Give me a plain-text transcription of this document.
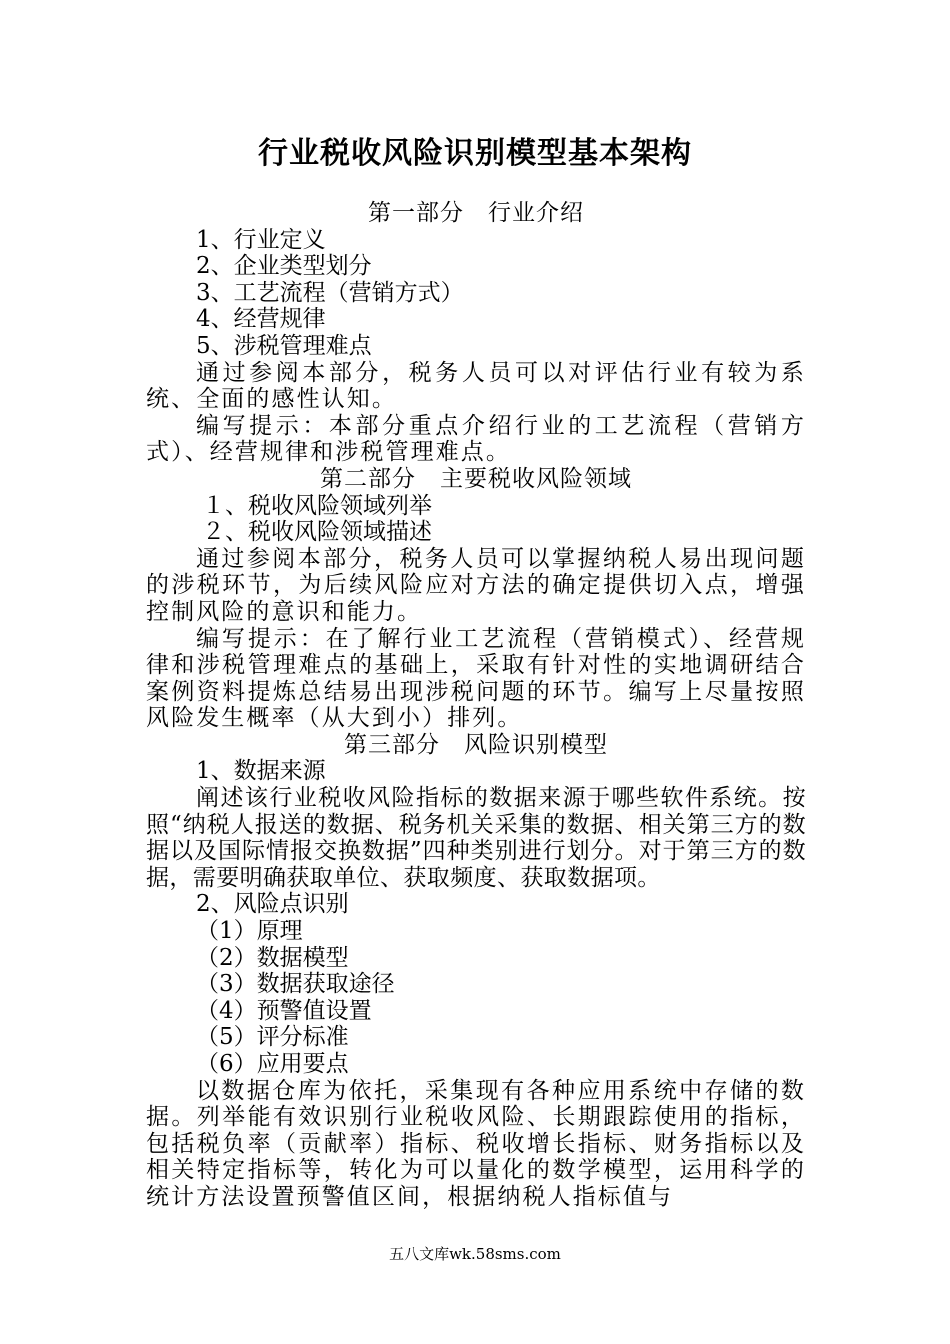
行业税收风险识别模型基本架构
第一部分　行业介绍
1、行业定义
2、企业类型划分
3、工艺流程（营销方式）
4、经营规律
5、涉税管理难点
通过参阅本部分，税务人员可以对评估行业有较为系统、全面的感性认知。
编写提示：本部分重点介绍行业的工艺流程（营销方式）、经营规律和涉税管理难点。
第二部分　主要税收风险领域
１、税收风险领域列举
２、税收风险领域描述
通过参阅本部分，税务人员可以掌握纳税人易出现问题的涉税环节，为后续风险应对方法的确定提供切入点，增强控制风险的意识和能力。
编写提示：在了解行业工艺流程（营销模式）、经营规律和涉税管理难点的基础上，采取有针对性的实地调研结合案例资料提炼总结易出现涉税问题的环节。编写上尽量按照风险发生概率（从大到小）排列。
第三部分　风险识别模型
1、数据来源
阐述该行业税收风险指标的数据来源于哪些软件系统。按照“纳税人报送的数据、税务机关采集的数据、相关第三方的数据以及国际情报交换数据”四种类别进行划分。对于第三方的数据，需要明确获取单位、获取频度、获取数据项。
2、风险点识别
（1）原理
（2）数据模型
（3）数据获取途径
（4）预警值设置
（5）评分标准
（6）应用要点
以数据仓库为依托，采集现有各种应用系统中存储的数据。列举能有效识别行业税收风险、长期跟踪使用的指标，包括税负率（贡献率）指标、税收增长指标、财务指标以及相关特定指标等，转化为可以量化的数学模型，运用科学的统计方法设置预警值区间，根据纳税人指标值与
五八文库wk.58sms.com
